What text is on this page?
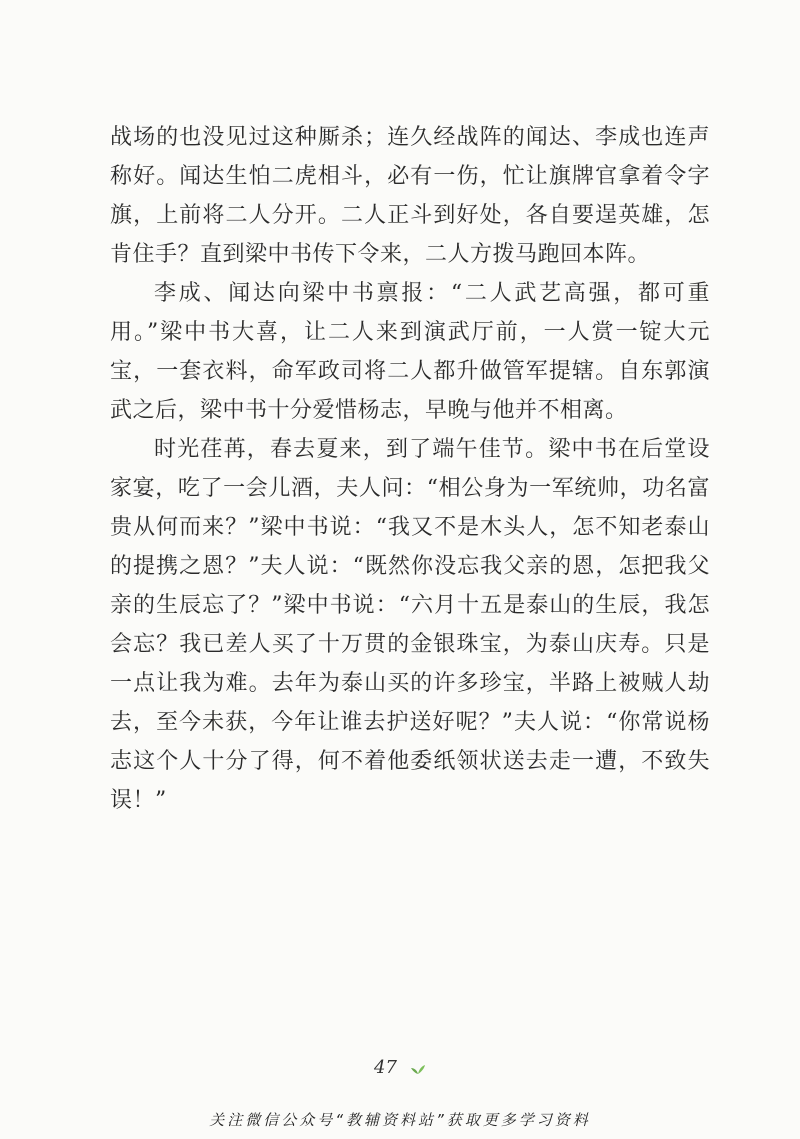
战场的也没见过这种厮杀；连久经战阵的闻达、李成也连声称好。闻达生怕二虎相斗，必有一伤，忙让旗牌官拿着令字旗，上前将二人分开。二人正斗到好处，各自要逞英雄，怎肯住手？直到梁中书传下令来，二人方拨马跑回本阵。

李成、闻达向梁中书禀报：“二人武艺高强，都可重用。”梁中书大喜，让二人来到演武厅前，一人赏一锭大元宝，一套衣料，命军政司将二人都升做管军提辖。自东郭演武之后，梁中书十分爱惜杨志，早晚与他并不相离。

时光荏苒，春去夏来，到了端午佳节。梁中书在后堂设家宴，吃了一会儿酒，夫人问：“相公身为一军统帅，功名富贵从何而来？”梁中书说：“我又不是木头人，怎不知老泰山的提携之恩？”夫人说：“既然你没忘我父亲的恩，怎把我父亲的生辰忘了？”梁中书说：“六月十五是泰山的生辰，我怎会忘？我已差人买了十万贯的金银珠宝，为泰山庆寿。只是一点让我为难。去年为泰山买的许多珍宝，半路上被贼人劫去，至今未获，今年让谁去护送好呢？”夫人说：“你常说杨志这个人十分了得，何不着他委纸领状送去走一遭，不致失误！”

47
关注微信公众号“教辅资料站”获取更多学习资料
